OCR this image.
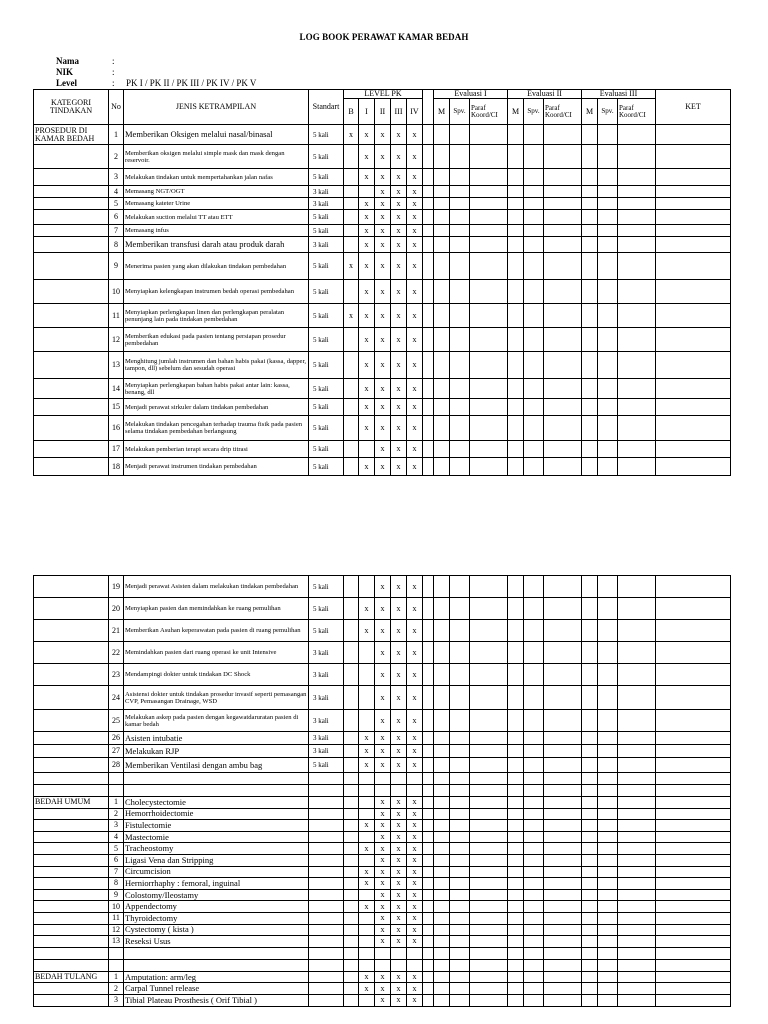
LOG BOOK PERAWAT KAMAR BEDAH
Nama	:
NIK	:
Level	: PK I / PK II / PK III / PK IV / PK V
KATEGORI TINDAKAN	No	JENIS KETRAMPILAN	Standart	LEVEL PK						Evaluasi I			Evaluasi II			Evaluasi III			KET
				B	I	II	III	IV		M	Spv.	Paraf Koord/CI	M	Spv.	Paraf Koord/CI	M	Spv.	Paraf Koord/CI	
PROSEDUR DI KAMAR BEDAH	1	Memberikan Oksigen melalui nasal/binasal	5 kali	x	x	x	x	x											
	2	Memberikan oksigen melalui simple mask dan mask dengan reservoir.	5 kali		x	x	x	x											
	3	Melakukan tindakan untuk mempertahankan jalan nafas	5 kali		x	x	x	x											
	4	Memasang NGT/OGT	3 kali			x	x	x											
	5	Memasang kateter Urine	3 kali		x	x	x	x											
	6	Melakukan suction melalui TT atau ETT	5 kali		x	x	x	x											
	7	Memasang infus	5 kali		x	x	x	x											
	8	Memberikan transfusi darah atau produk darah	3 kali		x	x	x	x											
	9	Menerima pasien yang akan dilakukan tindakan pembedahan	5 kali	x	x	x	x	x											
	10	Menyiapkan kelengkapan instrumen bedah operasi pembedahan	5 kali		x	x	x	x											
	11	Menyiapkan perlengkapan linen dan perlengkapan peralatan penunjang lain pada tindakan pembedahan	5 kali	x	x	x	x	x											
	12	Memberikan edukasi pada pasien tentang persiapan prosedur pembedahan	5 kali		x	x	x	x											
	13	Menghitung jumlah instrumen dan bahan habis pakai (kassa, dapper, tampon, dll) sebelum dan sesudah operasi	5 kali		x	x	x	x											
	14	Menyiapkan perlengkapan bahan habis pakai antar lain: kassa, benang, dll	5 kali		x	x	x	x											
	15	Menjadi perawat sirkuler dalam tindakan pembedahan	5 kali		x	x	x	x											
	16	Melakukan tindakan pencegahan terhadap trauma fisik pada pasien selama tindakan pembedahan berlangsung	5 kali		x	x	x	x											
	17	Melakukan pemberian terapi secara drip titrasi	5 kali			x	x	x											
	18	Menjadi perawat instrumen tindakan pembedahan	5 kali		x	x	x	x											
	19	Menjadi perawat Asisten dalam melakukan tindakan pembedahan	5 kali			x	x	x											
	20	Menyiapkan pasien dan memindahkan ke ruang pemulihan	5 kali		x	x	x	x											
	21	Memberikan Asuhan keperawatan pada pasien di ruang pemulihan	5 kali		x	x	x	x											
	22	Memindahkan pasien dari ruang operasi ke unit Intensive	3 kali			x	x	x											
	23	Mendampingi dokter untuk tindakan DC Shock	3 kali			x	x	x											
	24	Asistensi dokter untuk tindakan prosedur invasif seperti pemasangan CVP, Pemasangan Drainage, WSD	3 kali			x	x	x											
	25	Melakukan askep pada pasien dengan kegawatdaruratan pasien di kamar bedah	3 kali			x	x	x											
	26	Asisten intubatie	3 kali		x	x	x	x											
	27	Melakukan RJP	3 kali		x	x	x	x											
	28	Memberikan Ventilasi dengan ambu bag	5 kali		x	x	x	x											

BEDAH UMUM	1	Cholecystectomie				x	x	x											
	2	Hemorrhoidectomie				x	x	x											
	3	Fistulectomie			x	x	x	x											
	4	Mastectomie				x	x	x											
	5	Tracheostomy			x	x	x	x											
	6	Ligasi Vena dan Stripping				x	x	x											
	7	Circumcision			x	x	x	x											
	8	Herniorrhaphy : femoral, inguinal			x	x	x	x											
	9	Colostomy/Ileostamy				x	x	x											
	10	Appendectomy			x	x	x	x											
	11	Thyroidectomy				x	x	x											
	12	Cystectomy ( kista )				x	x	x											
	13	Reseksi Usus				x	x	x											

BEDAH TULANG	1	Amputation: arm/leg			x	x	x	x											
	2	Carpal Tunnel release			x	x	x	x											
	3	Tibial Plateau Prosthesis ( Orif Tibial )				x	x	x											
